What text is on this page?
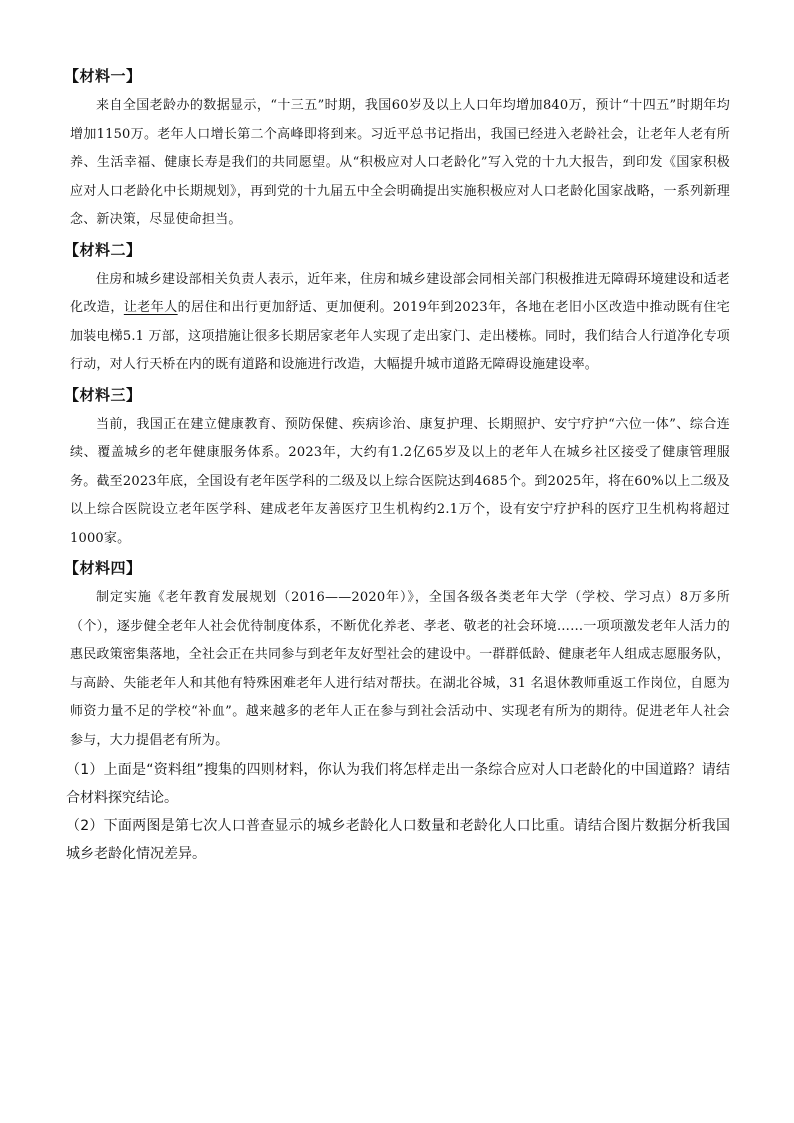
【材料一】

来自全国老龄办的数据显示，“十三五”时期，我国60岁及以上人口年均增加840万，预计“十四五”时期年均增加1150万。老年人口增长第二个高峰即将到来。习近平总书记指出，我国已经进入老龄社会，让老年人老有所养、生活幸福、健康长寿是我们的共同愿望。从“积极应对人口老龄化”写入党的十九大报告，到印发《国家积极应对人口老龄化中长期规划》，再到党的十九届五中全会明确提出实施积极应对人口老龄化国家战略，一系列新理念、新决策，尽显使命担当。

【材料二】

住房和城乡建设部相关负责人表示，近年来，住房和城乡建设部会同相关部门积极推进无障碍环境建设和适老化改造，让老年人的居住和出行更加舒适、更加便利。2019年到2023年，各地在老旧小区改造中推动既有住宅加装电梯5.1 万部，这项措施让很多长期居家老年人实现了走出家门、走出楼栋。同时，我们结合人行道净化专项行动，对人行天桥在内的既有道路和设施进行改造，大幅提升城市道路无障碍设施建设率。

【材料三】

当前，我国正在建立健康教育、预防保健、疾病诊治、康复护理、长期照护、安宁疗护“六位一体”、综合连续、覆盖城乡的老年健康服务体系。2023年，大约有1.2亿65岁及以上的老年人在城乡社区接受了健康管理服务。截至2023年底，全国设有老年医学科的二级及以上综合医院达到4685个。到2025年，将在60%以上二级及以上综合医院设立老年医学科、建成老年友善医疗卫生机构约2.1万个，设有安宁疗护科的医疗卫生机构将超过1000家。

【材料四】

制定实施《老年教育发展规划（2016——2020年）》，全国各级各类老年大学（学校、学习点）8万多所（个），逐步健全老年人社会优待制度体系，不断优化养老、孝老、敬老的社会环境……一项项激发老年人活力的惠民政策密集落地，全社会正在共同参与到老年友好型社会的建设中。一群群低龄、健康老年人组成志愿服务队，与高龄、失能老年人和其他有特殊困难老年人进行结对帮扶。在湖北谷城，31 名退休教师重返工作岗位，自愿为师资力量不足的学校“补血”。越来越多的老年人正在参与到社会活动中、实现老有所为的期待。促进老年人社会参与，大力提倡老有所为。

（1）上面是“资料组”搜集的四则材料，你认为我们将怎样走出一条综合应对人口老龄化的中国道路？请结合材料探究结论。

（2）下面两图是第七次人口普查显示的城乡老龄化人口数量和老龄化人口比重。请结合图片数据分析我国城乡老龄化情况差异。
